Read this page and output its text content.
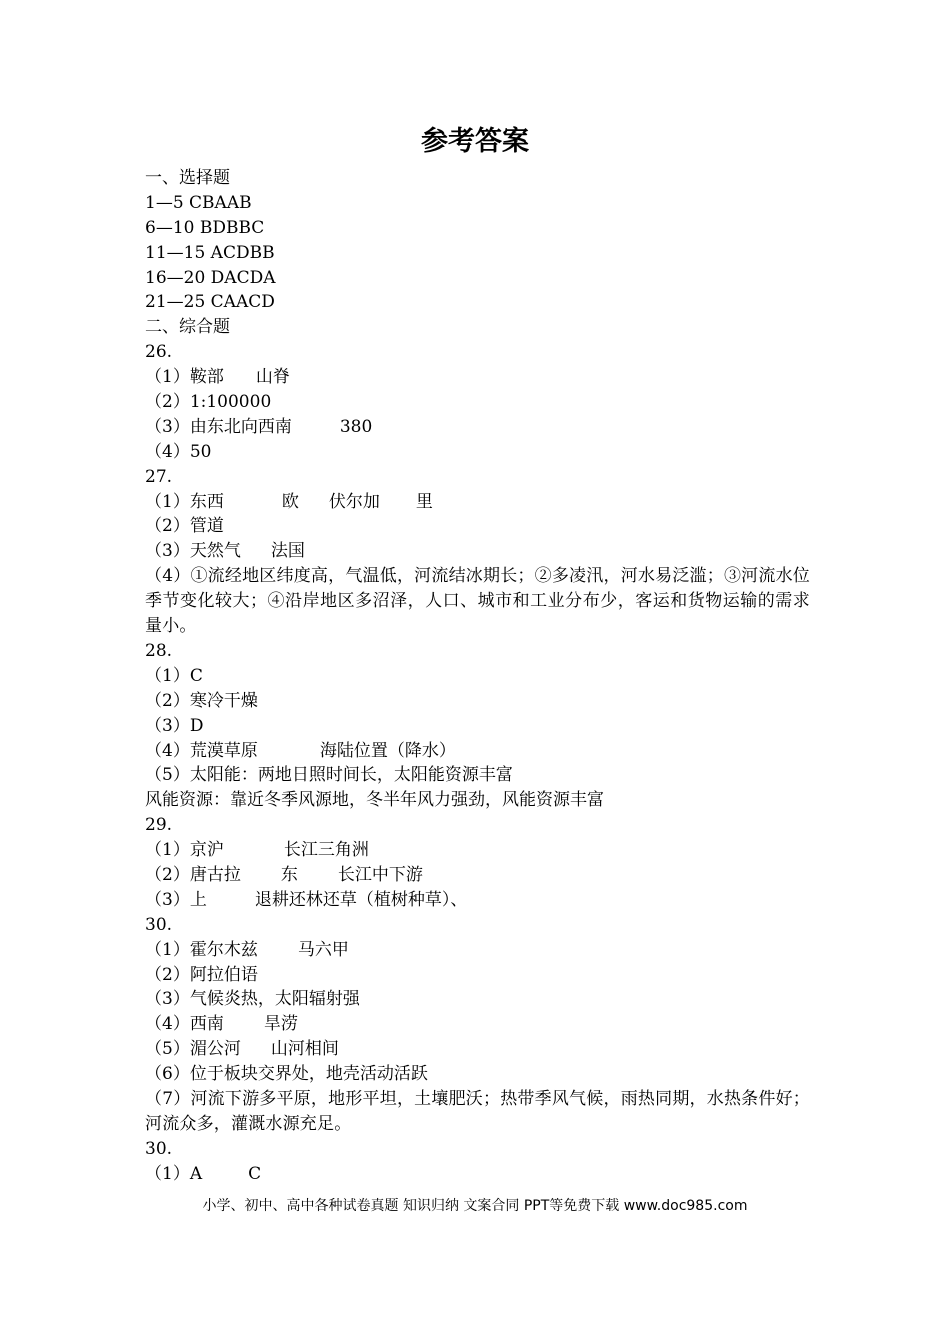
参考答案
一、选择题
1—5 CBAAB
6—10 BDBBC
11—15 ACDBB
16—20 DACDA
21—25 CAACD
二、综合题
26.
（1）鞍部 山脊
（2）1:100000
（3）由东北向西南	380
（4）50
27.
（1）东西	欧 伏尔加 里
（2）管道
（3）天然气 法国
（4）①流经地区纬度高，气温低，河流结冰期长；②多凌汛，河水易泛滥；③河流水位季节变化较大；④沿岸地区多沼泽，人口、城市和工业分布少，客运和货物运输的需求量小。
28.
（1）C
（2）寒冷干燥
（3）D
（4）荒漠草原	海陆位置（降水）
（5）太阳能：两地日照时间长，太阳能资源丰富
风能资源：靠近冬季风源地，冬半年风力强劲，风能资源丰富
29.
（1）京沪	长江三角洲
（2）唐古拉 东 长江中下游
（3）上	退耕还林还草（植树种草）、
30.
（1）霍尔木兹 马六甲
（2）阿拉伯语
（3）气候炎热，太阳辐射强
（4）西南 旱涝
（5）湄公河 山河相间
（6）位于板块交界处，地壳活动活跃
（7）河流下游多平原，地形平坦，土壤肥沃；热带季风气候，雨热同期，水热条件好；河流众多，灌溉水源充足。
30.
（1）A	C
小学、初中、高中各种试卷真题 知识归纳 文案合同 PPT等免费下载 www.doc985.com
